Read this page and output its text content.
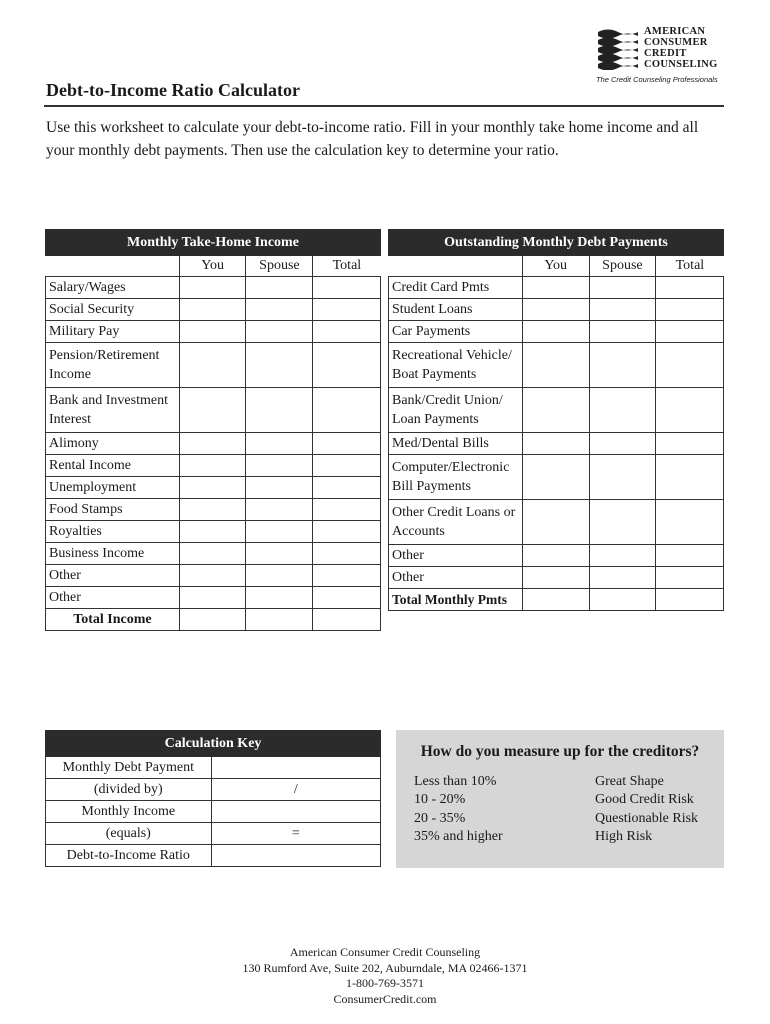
AMERICAN
CONSUMER
CREDIT
COUNSELING
The Credit Counseling Professionals
Debt-to-Income Ratio Calculator
Use this worksheet to calculate your debt-to-income ratio. Fill in your monthly take home income and all your monthly debt payments. Then use the calculation key to determine your ratio.
Monthly Take-Home Income			
	You	Spouse	Total
Salary/Wages			
Social Security			
Military Pay			
Pension/Retirement Income			
Bank and Investment Interest			
Alimony			
Rental Income			
Unemployment			
Food Stamps			
Royalties			
Business Income			
Other			
Other			
Total Income			
Outstanding Monthly Debt Payments			
	You	Spouse	Total
Credit Card Pmts			
Student Loans			
Car Payments			
Recreational Vehicle/ Boat Payments			
Bank/Credit Union/ Loan Payments			
Med/Dental Bills			
Computer/Electronic Bill Payments			
Other Credit Loans or Accounts			
Other			
Other			
Total Monthly Pmts			
Calculation Key	
Monthly Debt Payment	
(divided by)	/
Monthly Income	
(equals)	=
Debt-to-Income Ratio	
How do you measure up for the creditors?
Less than 10%	Great Shape
10 - 20%	Good Credit Risk
20 - 35%	Questionable Risk
35% and higher	High Risk
American Consumer Credit Counseling
130 Rumford Ave, Suite 202, Auburndale, MA 02466-1371
1-800-769-3571
ConsumerCredit.com
